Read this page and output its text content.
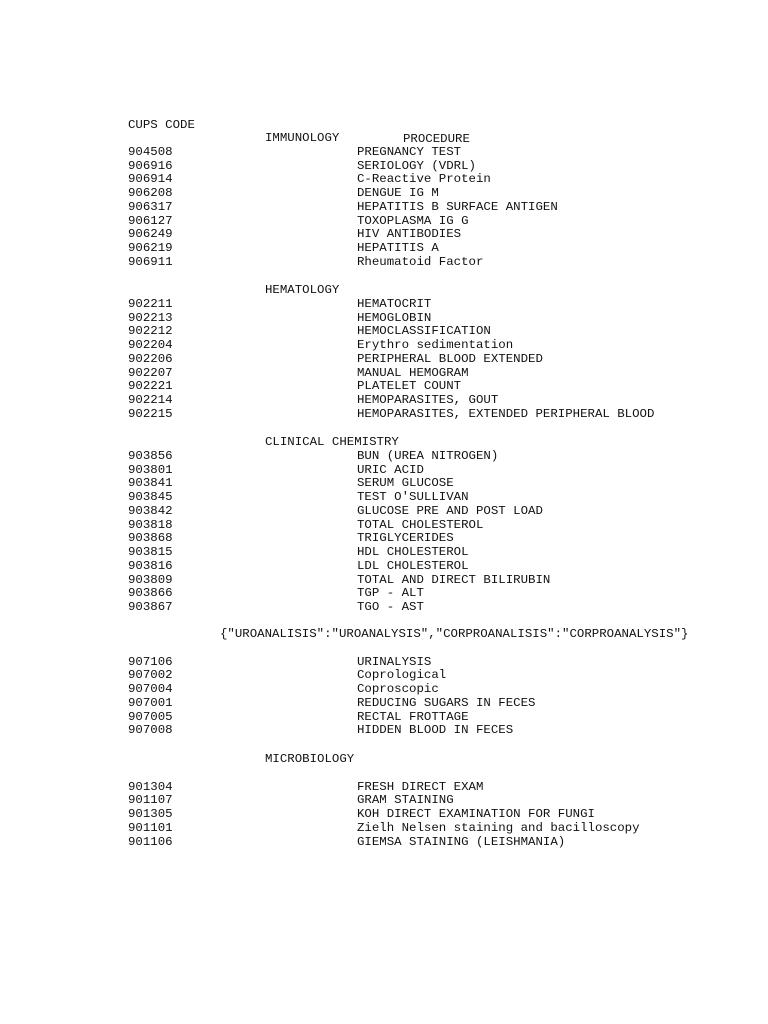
CUPS CODE

PROCEDURE

IMMUNOLOGY
904508	PREGNANCY TEST
906916	SERIOLOGY (VDRL)
906914	C-Reactive Protein
906208	DENGUE IG M
906317	HEPATITIS B SURFACE ANTIGEN
906127	TOXOPLASMA IG G
906249	HIV ANTIBODIES
906219	HEPATITIS A
906911	Rheumatoid Factor
HEMATOLOGY
902211	HEMATOCRIT
902213	HEMOGLOBIN
902212	HEMOCLASSIFICATION
902204	Erythro sedimentation
902206	PERIPHERAL BLOOD EXTENDED
902207	MANUAL HEMOGRAM
902221	PLATELET COUNT
902214	HEMOPARASITES, GOUT
902215	HEMOPARASITES, EXTENDED PERIPHERAL BLOOD
CLINICAL CHEMISTRY
903856	BUN (UREA NITROGEN)
903801	URIC ACID
903841	SERUM GLUCOSE
903845	TEST O'SULLIVAN
903842	GLUCOSE PRE AND POST LOAD
903818	TOTAL CHOLESTEROL
903868	TRIGLYCERIDES
903815	HDL CHOLESTEROL
903816	LDL CHOLESTEROL
903809	TOTAL AND DIRECT BILIRUBIN
903866	TGP - ALT
903867	TGO - AST
{"UROANALISIS":"UROANALYSIS","CORPROANALISIS":"CORPROANALYSIS"}
907106	URINALYSIS
907002	Coprological
907004	Coproscopic
907001	REDUCING SUGARS IN FECES
907005	RECTAL FROTTAGE
907008	HIDDEN BLOOD IN FECES
MICROBIOLOGY
901304	FRESH DIRECT EXAM
901107	GRAM STAINING
901305	KOH DIRECT EXAMINATION FOR FUNGI
901101	Zielh Nelsen staining and bacilloscopy
901106	GIEMSA STAINING (LEISHMANIA)
